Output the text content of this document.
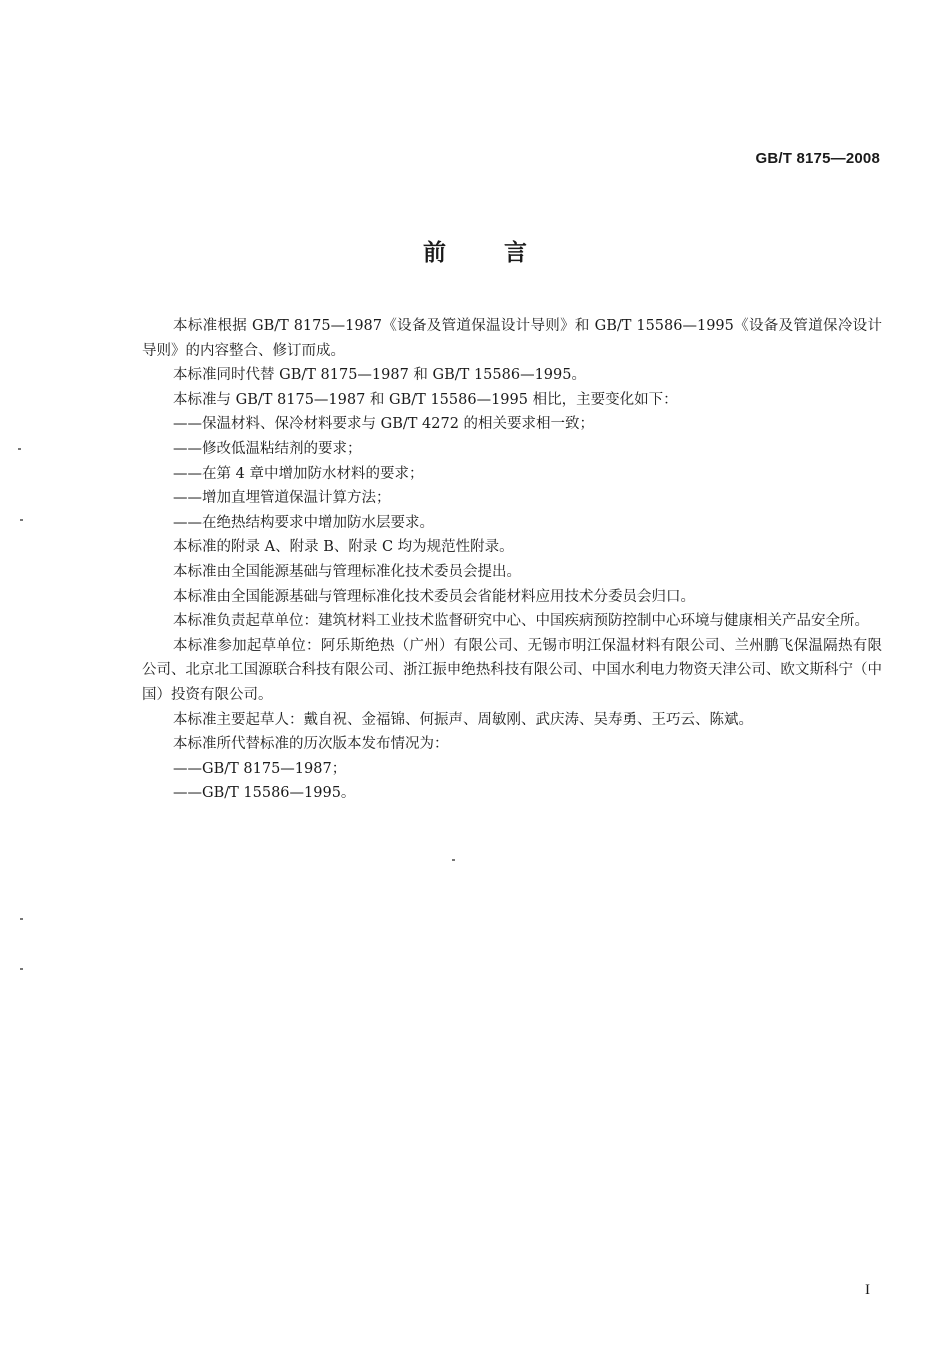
GB/T 8175—2008
前言

本标准根据 GB/T 8175—1987《设备及管道保温设计导则》和 GB/T 15586—1995《设备及管道保冷设计导则》的内容整合、修订而成。

本标准同时代替 GB/T 8175—1987 和 GB/T 15586—1995。

本标准与 GB/T 8175—1987 和 GB/T 15586—1995 相比，主要变化如下：

——保温材料、保冷材料要求与 GB/T 4272 的相关要求相一致；

——修改低温粘结剂的要求；

——在第 4 章中增加防水材料的要求；

——增加直埋管道保温计算方法；

——在绝热结构要求中增加防水层要求。

本标准的附录 A、附录 B、附录 C 均为规范性附录。

本标准由全国能源基础与管理标准化技术委员会提出。

本标准由全国能源基础与管理标准化技术委员会省能材料应用技术分委员会归口。

本标准负责起草单位：建筑材料工业技术监督研究中心、中国疾病预防控制中心环境与健康相关产品安全所。

本标准参加起草单位：阿乐斯绝热（广州）有限公司、无锡市明江保温材料有限公司、兰州鹏飞保温隔热有限公司、北京北工国源联合科技有限公司、浙江振申绝热科技有限公司、中国水利电力物资天津公司、欧文斯科宁（中国）投资有限公司。

本标准主要起草人：戴自祝、金福锦、何振声、周敏刚、武庆涛、吴寿勇、王巧云、陈斌。

本标准所代替标准的历次版本发布情况为：

——GB/T 8175—1987；

——GB/T 15586—1995。

I
